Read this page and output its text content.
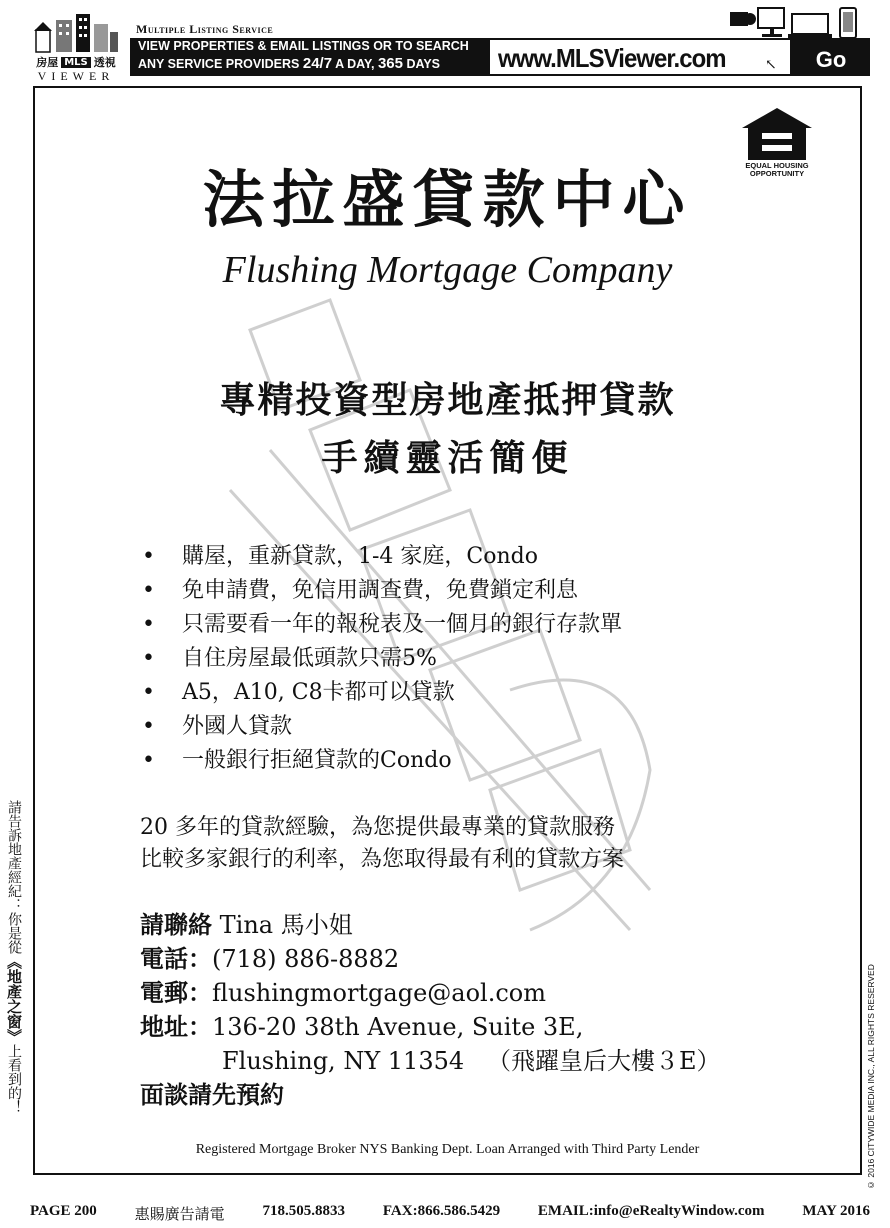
房屋 MLS 透視
VIEWER
Multiple Listing Service
VIEW PROPERTIES & EMAIL LISTINGS OR TO SEARCH
ANY SERVICE PROVIDERS 24/7 A DAY, 365 DAYS	www.MLSViewer.com	↖	Go
EQUAL HOUSING
OPPORTUNITY
法拉盛貸款中心
Flushing Mortgage Company
專精投資型房地產抵押貸款
手續靈活簡便
• 購屋，重新貸款，1-4 家庭，Condo
• 免申請費，免信用調查費，免費鎖定利息
• 只需要看一年的報稅表及一個月的銀行存款單
• 自住房屋最低頭款只需5%
• A5，A10, C8卡都可以貸款
• 外國人貸款
• 一般銀行拒絕貸款的Condo
20 多年的貸款經驗，為您提供最專業的貸款服務
比較多家銀行的利率，為您取得最有利的貸款方案
請聯絡 Tina 馬小姐
電話：(718) 886-8882
電郵：flushingmortgage@aol.com
地址：136-20 38th Avenue, Suite 3E,
Flushing, NY 11354 （飛躍皇后大樓３E）
面談請先預約
Registered Mortgage Broker NYS Banking Dept. Loan Arranged with Third Party Lender
請告訴地產經紀：你是從《地產之窗》上看到的！	© 2016 CITYWIDE MEDIA INC., ALL RIGHTS RESERVED
PAGE 200	惠賜廣告請電	718.505.8833	FAX:866.586.5429	EMAIL:info@eRealtyWindow.com	MAY 2016
